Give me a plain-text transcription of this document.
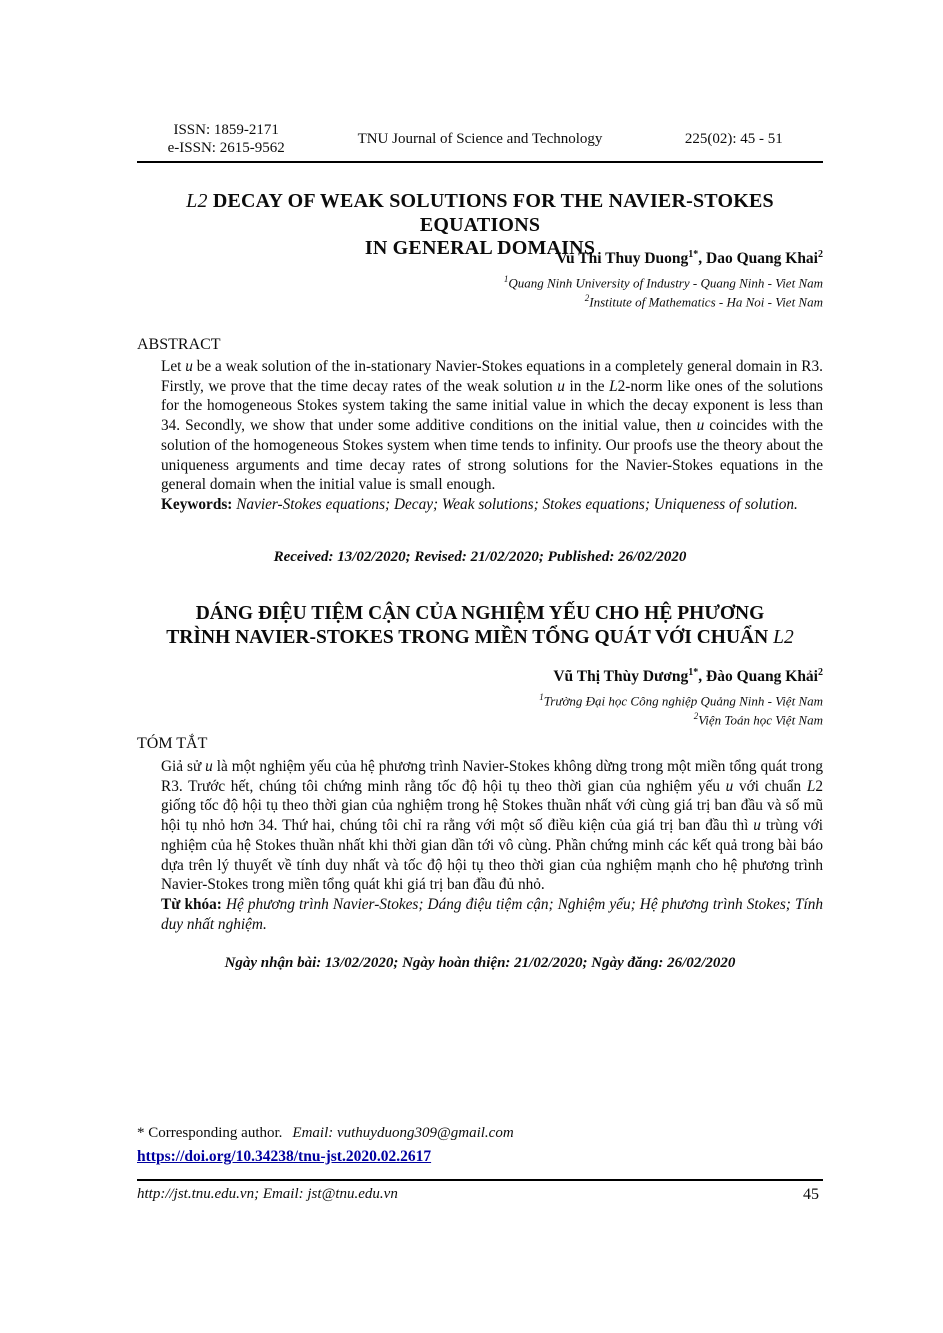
ISSN: 1859-2171
e-ISSN: 2615-9562
TNU Journal of Science and Technology	225(02): 45 - 51
L2 DECAY OF WEAK SOLUTIONS FOR THE NAVIER-STOKES EQUATIONS
IN GENERAL DOMAINS
Vu Thi Thuy Duong$^{1*}$, Dao Quang Khai$^2$
$^1$Quang Ninh University of Industry - Quang Ninh - Viet Nam
$^2$Institute of Mathematics - Ha Noi - Viet Nam
ABSTRACT
Let u be a weak solution of the in-stationary Navier-Stokes equations in a completely general domain in R3. Firstly, we prove that the time decay rates of the weak solution u in the L2-norm like ones of the solutions for the homogeneous Stokes system taking the same initial value in which the decay exponent is less than 34. Secondly, we show that under some additive conditions on the initial value, then u coincides with the solution of the homogeneous Stokes system when time tends to infinity. Our proofs use the theory about the uniqueness arguments and time decay rates of strong solutions for the Navier-Stokes equations in the general domain when the initial value is small enough.
Keywords: Navier-Stokes equations; Decay; Weak solutions; Stokes equations; Uniqueness of solution.
Received: 13/02/2020; Revised: 21/02/2020; Published: 26/02/2020
DÁNG ĐIỆU TIỆM CẬN CỦA NGHIỆM YẾU CHO HỆ PHƯƠNG
TRÌNH NAVIER-STOKES TRONG MIỀN TỔNG QUÁT VỚI CHUẨN L2
Vũ Thị Thùy Dương$^{1*}$, Đào Quang Khải$^2$
$^1$Trường Đại học Công nghiệp Quảng Ninh - Việt Nam
$^2$Viện Toán học Việt Nam
TÓM TẮT
Giả sử u là một nghiệm yếu của hệ phương trình Navier-Stokes không dừng trong một miền tổng quát trong R3. Trước hết, chúng tôi chứng minh rằng tốc độ hội tụ theo thời gian của nghiệm yếu u với chuẩn L2 giống tốc độ hội tụ theo thời gian của nghiệm trong hệ Stokes thuần nhất với cùng giá trị ban đầu và số mũ hội tụ nhỏ hơn 34. Thứ hai, chúng tôi chỉ ra rằng với một số điều kiện của giá trị ban đầu thì u trùng với nghiệm của hệ Stokes thuần nhất khi thời gian dần tới vô cùng. Phần chứng minh các kết quả trong bài báo dựa trên lý thuyết về tính duy nhất và tốc độ hội tụ theo thời gian của nghiệm mạnh cho hệ phương trình Navier-Stokes trong miền tổng quát khi giá trị ban đầu đủ nhỏ.
Từ khóa: Hệ phương trình Navier-Stokes; Dáng điệu tiệm cận; Nghiệm yếu; Hệ phương trình Stokes; Tính duy nhất nghiệm.
Ngày nhận bài: 13/02/2020; Ngày hoàn thiện: 21/02/2020; Ngày đăng: 26/02/2020
* Corresponding author. Email: vuthuyduong309@gmail.com
https://doi.org/10.34238/tnu-jst.2020.02.2617
http://jst.tnu.edu.vn; Email: jst@tnu.edu.vn	45
